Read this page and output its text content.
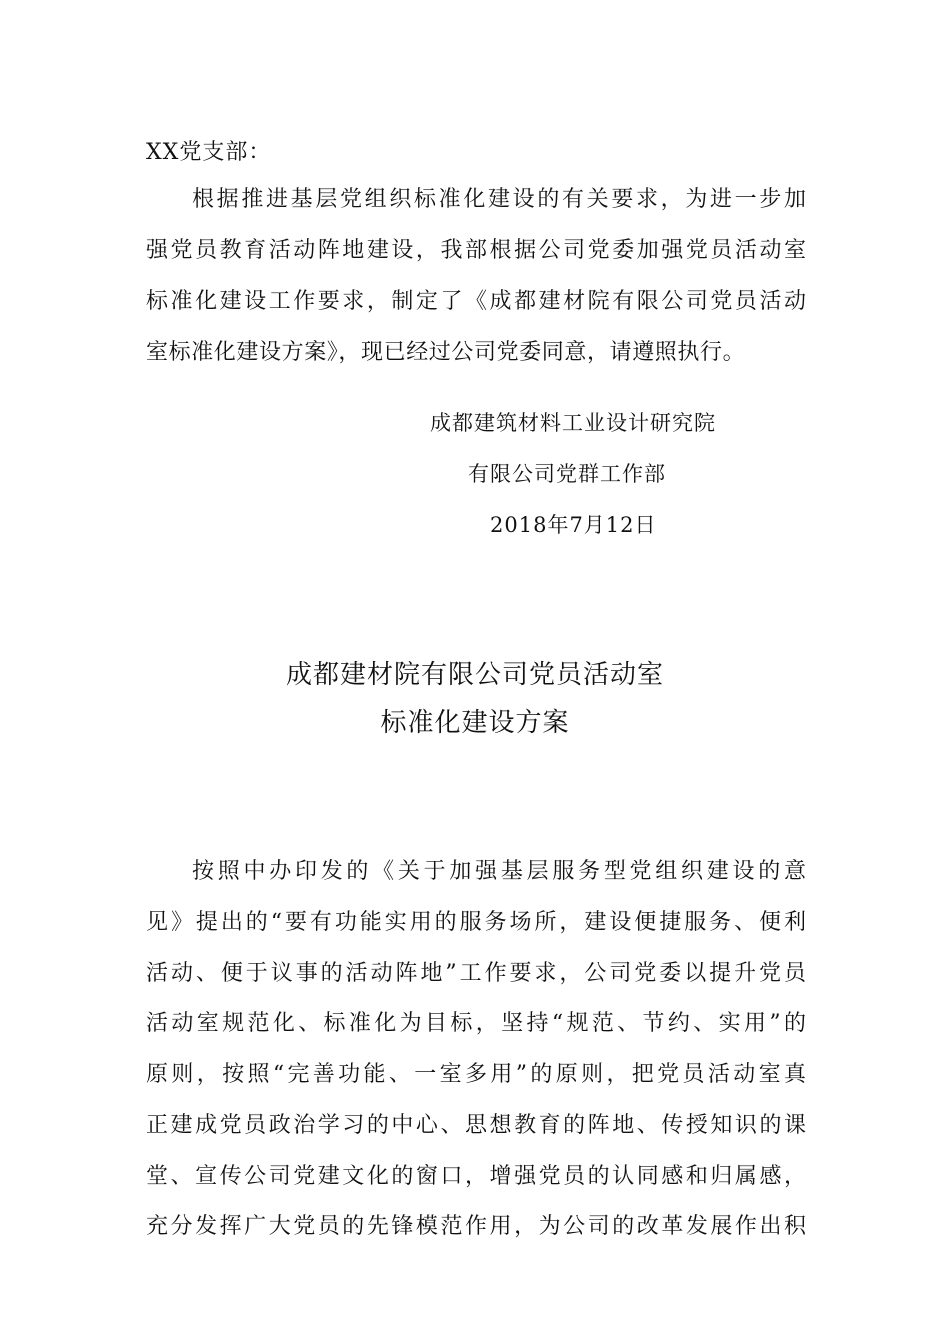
XX党支部：
根据推进基层党组织标准化建设的有关要求，为进一步加
强党员教育活动阵地建设，我部根据公司党委加强党员活动室
标准化建设工作要求，制定了《成都建材院有限公司党员活动
室标准化建设方案》，现已经过公司党委同意，请遵照执行。
成都建筑材料工业设计研究院
有限公司党群工作部
2018年7月12日
成都建材院有限公司党员活动室
标准化建设方案
按照中办印发的《关于加强基层服务型党组织建设的意
见》提出的“要有功能实用的服务场所，建设便捷服务、便利
活动、便于议事的活动阵地”工作要求，公司党委以提升党员
活动室规范化、标准化为目标，坚持“规范、节约、实用”的
原则，按照“完善功能、一室多用”的原则，把党员活动室真
正建成党员政治学习的中心、思想教育的阵地、传授知识的课
堂、宣传公司党建文化的窗口，增强党员的认同感和归属感，
充分发挥广大党员的先锋模范作用，为公司的改革发展作出积
